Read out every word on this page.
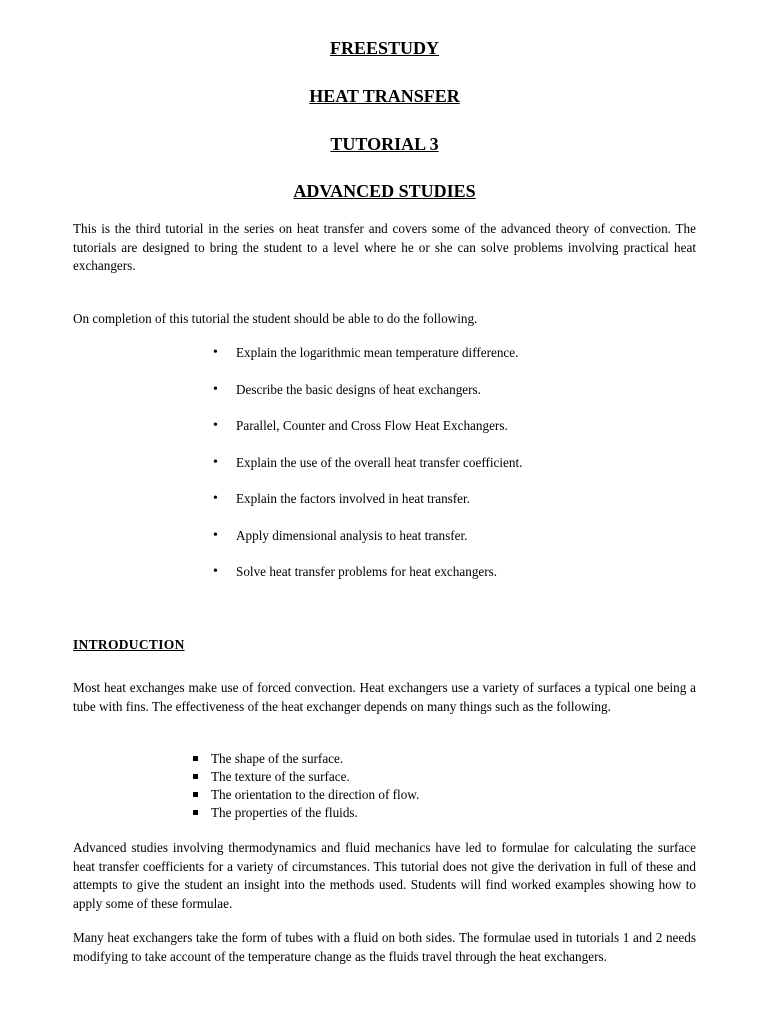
FREESTUDY
HEAT TRANSFER
TUTORIAL 3
ADVANCED STUDIES

This is the third tutorial in the series on heat transfer and covers some of the advanced theory of convection. The tutorials are designed to bring the student to a level where he or she can solve problems involving practical heat exchangers.

On completion of this tutorial the student should be able to do the following.

• Explain the logarithmic mean temperature difference.
• Describe the basic designs of heat exchangers.
• Parallel, Counter and Cross Flow Heat Exchangers.
• Explain the use of the overall heat transfer coefficient.
• Explain the factors involved in heat transfer.
• Apply dimensional analysis to heat transfer.
• Solve heat transfer problems for heat exchangers.
INTRODUCTION

Most heat exchanges make use of forced convection. Heat exchangers use a variety of surfaces a typical one being a tube with fins. The effectiveness of the heat exchanger depends on many things such as the following.

The shape of the surface.
The texture of the surface.
The orientation to the direction of flow.
The properties of the fluids.

Advanced studies involving thermodynamics and fluid mechanics have led to formulae for calculating the surface heat transfer coefficients for a variety of circumstances. This tutorial does not give the derivation in full of these and attempts to give the student an insight into the methods used. Students will find worked examples showing how to apply some of these formulae.

Many heat exchangers take the form of tubes with a fluid on both sides. The formulae used in tutorials 1 and 2 needs modifying to take account of the temperature change as the fluids travel through the heat exchangers.
